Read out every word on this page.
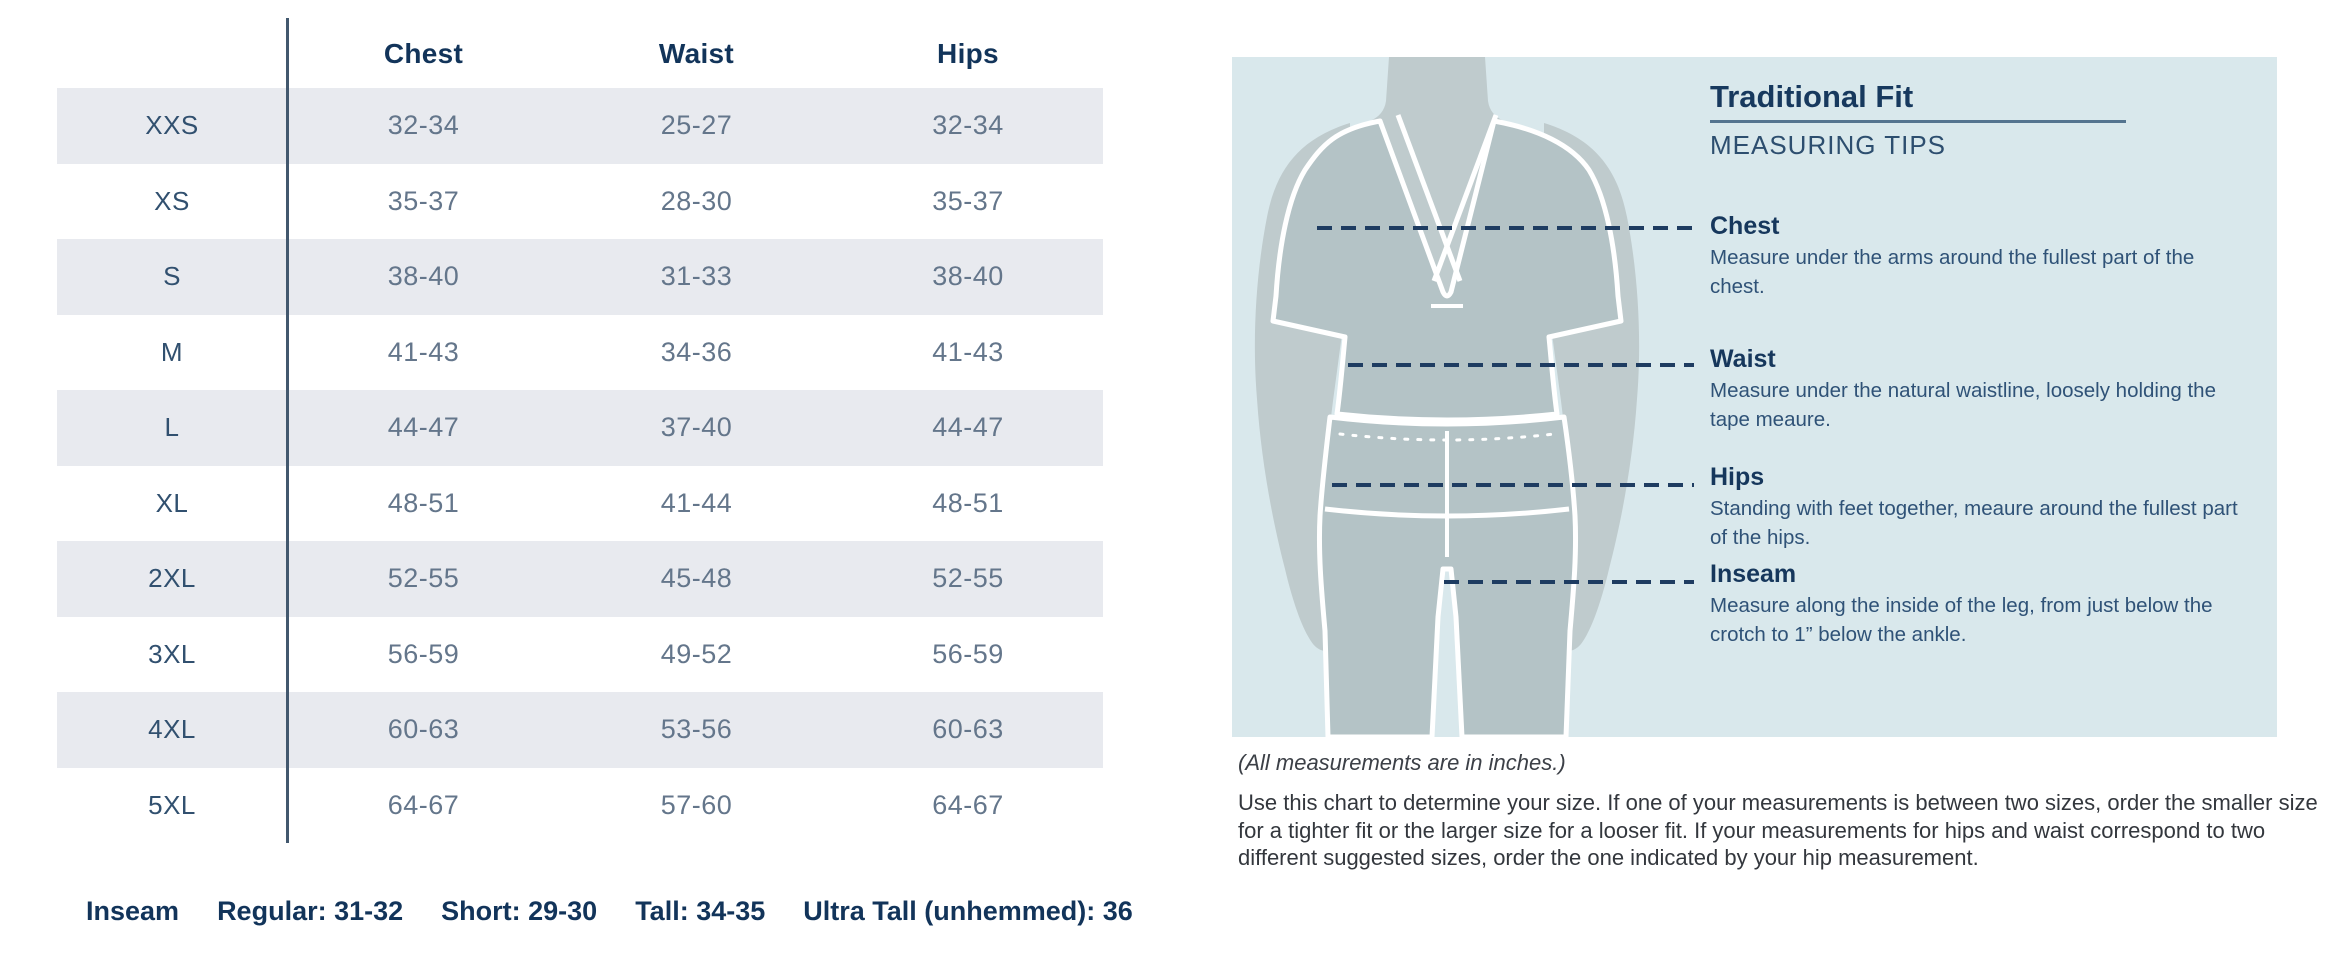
Chest	Waist	Hips
XXS	32-34	25-27	32-34
XS	35-37	28-30	35-37
S	38-40	31-33	38-40
M	41-43	34-36	41-43
L	44-47	37-40	44-47
XL	48-51	41-44	48-51
2XL	52-55	45-48	52-55
3XL	56-59	49-52	56-59
4XL	60-63	53-56	60-63
5XL	64-67	57-60	64-67
Inseam Regular: 31-32 Short: 29-30 Tall: 34-35 Ultra Tall (unhemmed): 36
Traditional Fit
MEASURING TIPS
Chest

Measure under the arms around the fullest part of the chest.

Waist

Measure under the natural waistline, loosely holding the tape meaure.

Hips

Standing with feet together, meaure around the fullest part of the hips.

Inseam

Measure along the inside of the leg, from just below the crotch to 1” below the ankle.

(All measurements are in inches.)
Use this chart to determine your size. If one of your measurements is between two sizes, order the smaller size for a tighter fit or the larger size for a looser fit. If your measurements for hips and waist correspond to two different suggested sizes, order the one indicated by your hip measurement.
